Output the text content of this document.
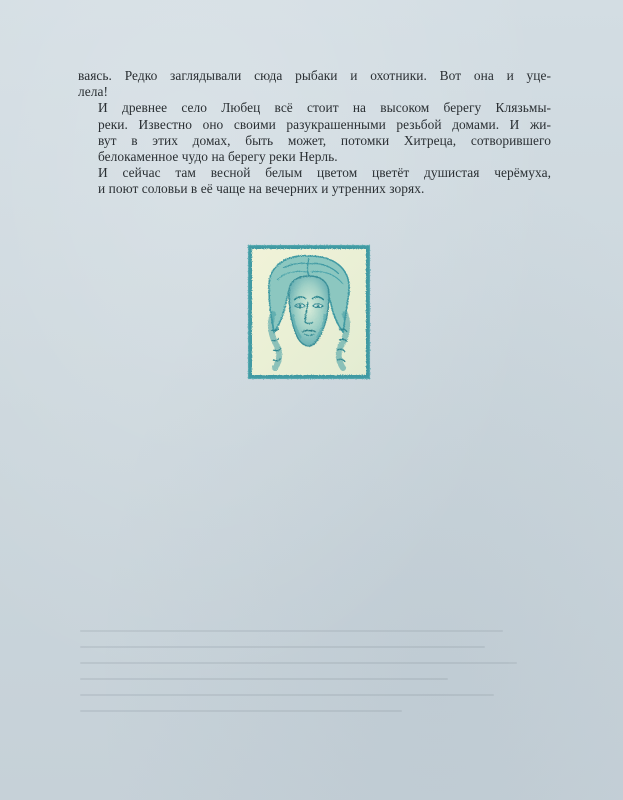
ваясь. Редко заглядывали сюда рыбаки и охотники. Вот она и уце-
лела!

И древнее село Любец всё стоит на высоком берегу Клязьмы-
реки. Известно оно своими разукрашенными резьбой домами. И жи-
вут в этих домах, быть может, потомки Хитреца, сотворившего
белокаменное чудо на берегу реки Нерль.

И сейчас там весной белым цветом цветёт душистая черёмуха,
и поют соловьи в её чаще на вечерних и утренних зорях.
